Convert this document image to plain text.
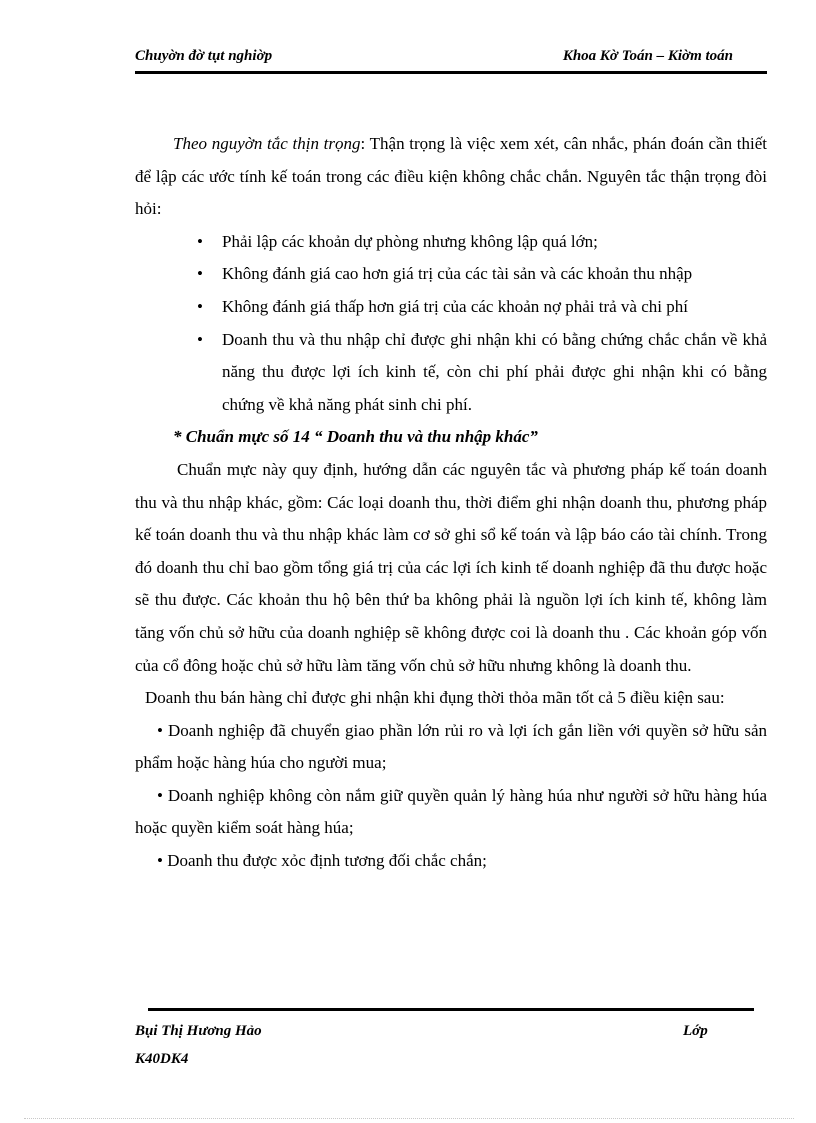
Chuyờn đờ tụt nghiờp	Khoa Kờ Toán – Kiờm toán

Theo nguyờn tắc thịn trọng: Thận trọng là việc xem xét, cân nhắc, phán đoán cần thiết để lập các ước tính kế toán trong các điều kiện không chắc chắn. Nguyên tắc thận trọng đòi hỏi:

• Phải lập các khoản dự phòng nhưng không lập quá lớn;
• Không đánh giá cao hơn giá trị của các tài sản và các khoản thu nhập
• Không đánh giá thấp hơn giá trị của các khoản nợ phải trả và chi phí
• Doanh thu và thu nhập chỉ được ghi nhận khi có bằng chứng chắc chắn về khả năng thu được lợi ích kinh tế, còn chi phí phải được ghi nhận khi có bằng chứng về khả năng phát sinh chi phí.

* Chuẩn mực số 14 “ Doanh thu và thu nhập khác”

Chuẩn mực này quy định, hướng dẫn các nguyên tắc và phương pháp kế toán doanh thu và thu nhập khác, gồm: Các loại doanh thu, thời điểm ghi nhận doanh thu, phương pháp kế toán doanh thu và thu nhập khác làm cơ sở ghi sổ kế toán và lập báo cáo tài chính. Trong đó doanh thu chỉ bao gồm tổng giá trị của các lợi ích kinh tế doanh nghiệp đã thu được hoặc sẽ thu được. Các khoản thu hộ bên thứ ba không phải là nguồn lợi ích kinh tế, không làm tăng vốn chủ sở hữu của doanh nghiệp sẽ không được coi là doanh thu . Các khoản góp vốn của cổ đông hoặc chủ sở hữu làm tăng vốn chủ sở hữu nhưng không là doanh thu.

Doanh thu bán hàng chỉ được ghi nhận khi đụng thời thỏa mãn tốt cả 5 điều kiện sau:

• Doanh nghiệp đã chuyển giao phần lớn rủi ro và lợi ích gắn liền với quyền sở hữu sản phẩm hoặc hàng húa cho người mua;

• Doanh nghiệp không còn nắm giữ quyền quản lý hàng húa như người sở hữu hàng húa hoặc quyền kiểm soát hàng húa;

• Doanh thu được xỏc định tương đối chắc chắn;

Bụi Thị Hương Hảo	Lớp
K40DK4
